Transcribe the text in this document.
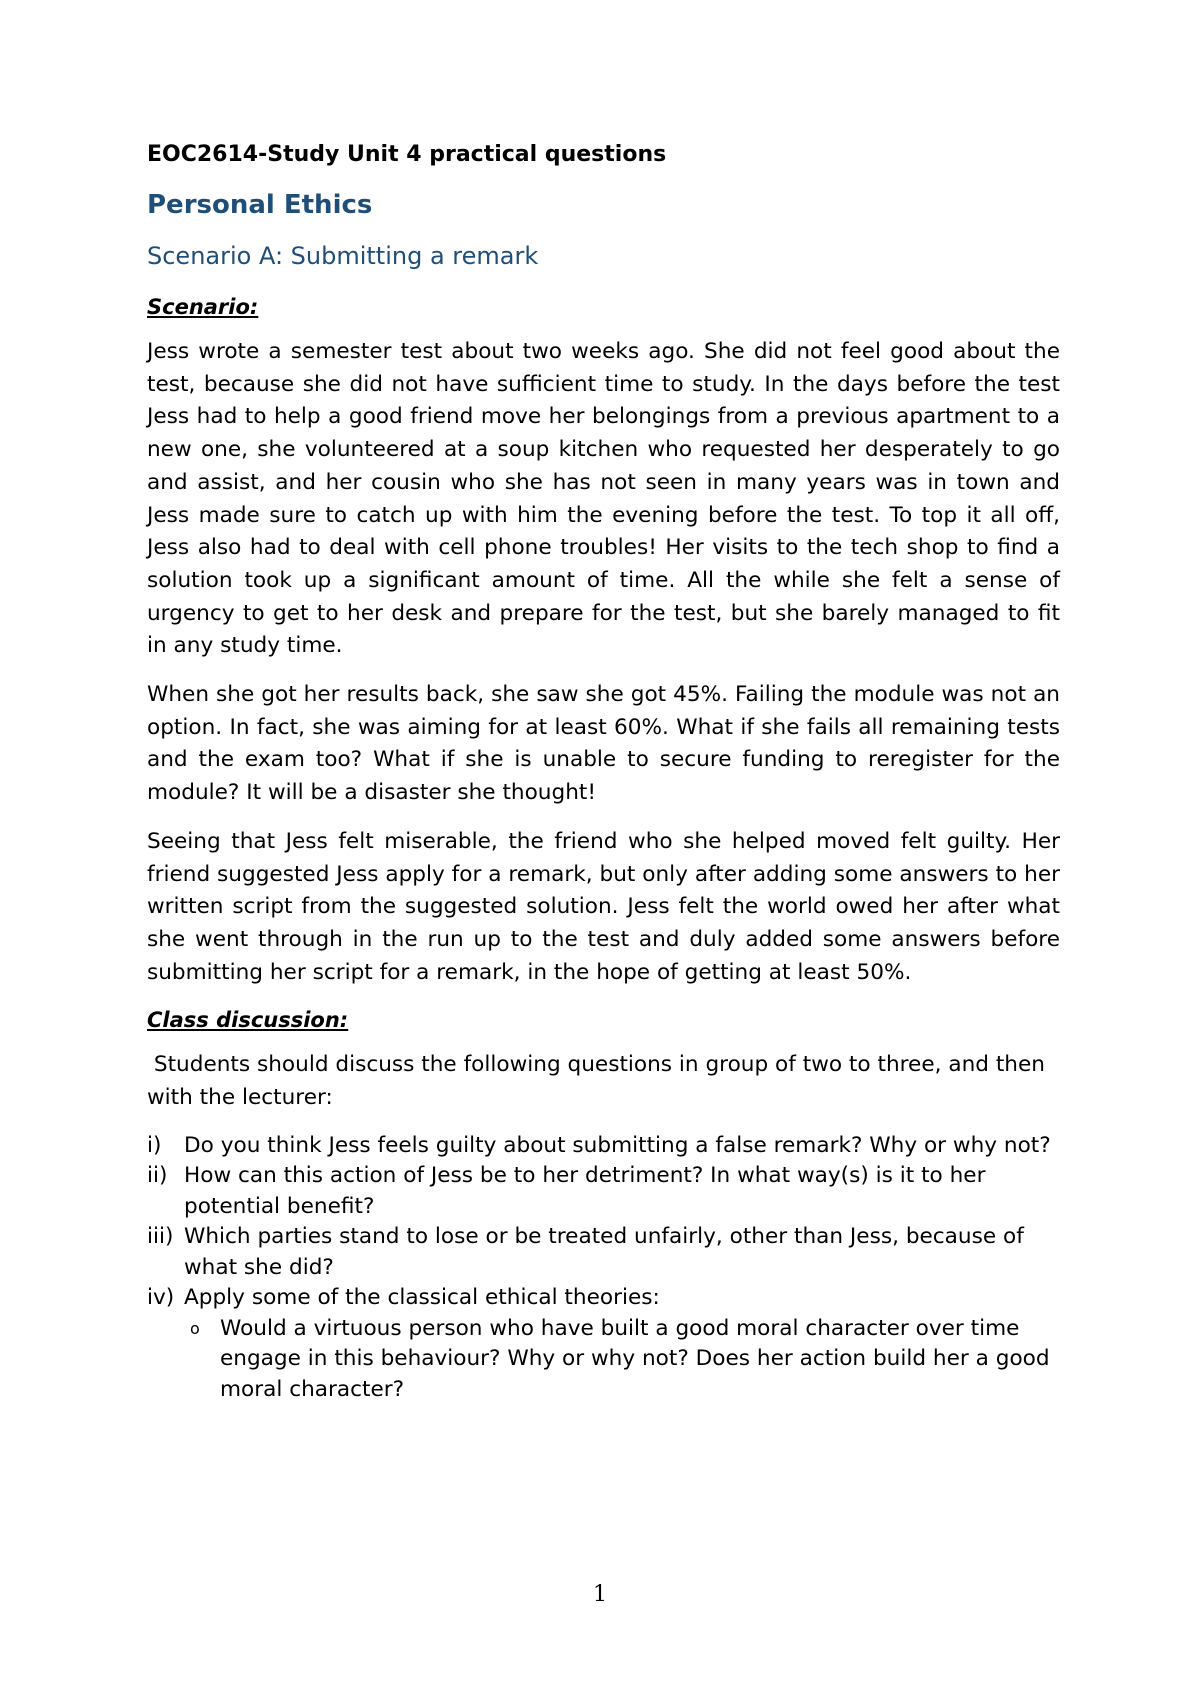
EOC2614-Study Unit 4 practical questions
Personal Ethics
Scenario A: Submitting a remark
Scenario:

Jess wrote a semester test about two weeks ago. She did not feel good about the test, because she did not have sufficient time to study. In the days before the test Jess had to help a good friend move her belongings from a previous apartment to a new one, she volunteered at a soup kitchen who requested her desperately to go and assist, and her cousin who she has not seen in many years was in town and Jess made sure to catch up with him the evening before the test. To top it all off, Jess also had to deal with cell phone troubles! Her visits to the tech shop to find a solution took up a significant amount of time. All the while she felt a sense of urgency to get to her desk and prepare for the test, but she barely managed to fit in any study time.

When she got her results back, she saw she got 45%. Failing the module was not an option. In fact, she was aiming for at least 60%. What if she fails all remaining tests and the exam too? What if she is unable to secure funding to reregister for the module? It will be a disaster she thought!

Seeing that Jess felt miserable, the friend who she helped moved felt guilty. Her friend suggested Jess apply for a remark, but only after adding some answers to her written script from the suggested solution. Jess felt the world owed her after what she went through in the run up to the test and duly added some answers before submitting her script for a remark, in the hope of getting at least 50%.

Class discussion:

Students should discuss the following questions in group of two to three, and then with the lecturer:

i) Do you think Jess feels guilty about submitting a false remark? Why or why not?
ii) How can this action of Jess be to her detriment? In what way(s) is it to her potential benefit?
iii) Which parties stand to lose or be treated unfairly, other than Jess, because of what she did?
iv) Apply some of the classical ethical theories:
o Would a virtuous person who have built a good moral character over time engage in this behaviour? Why or why not? Does her action build her a good moral character?
1
